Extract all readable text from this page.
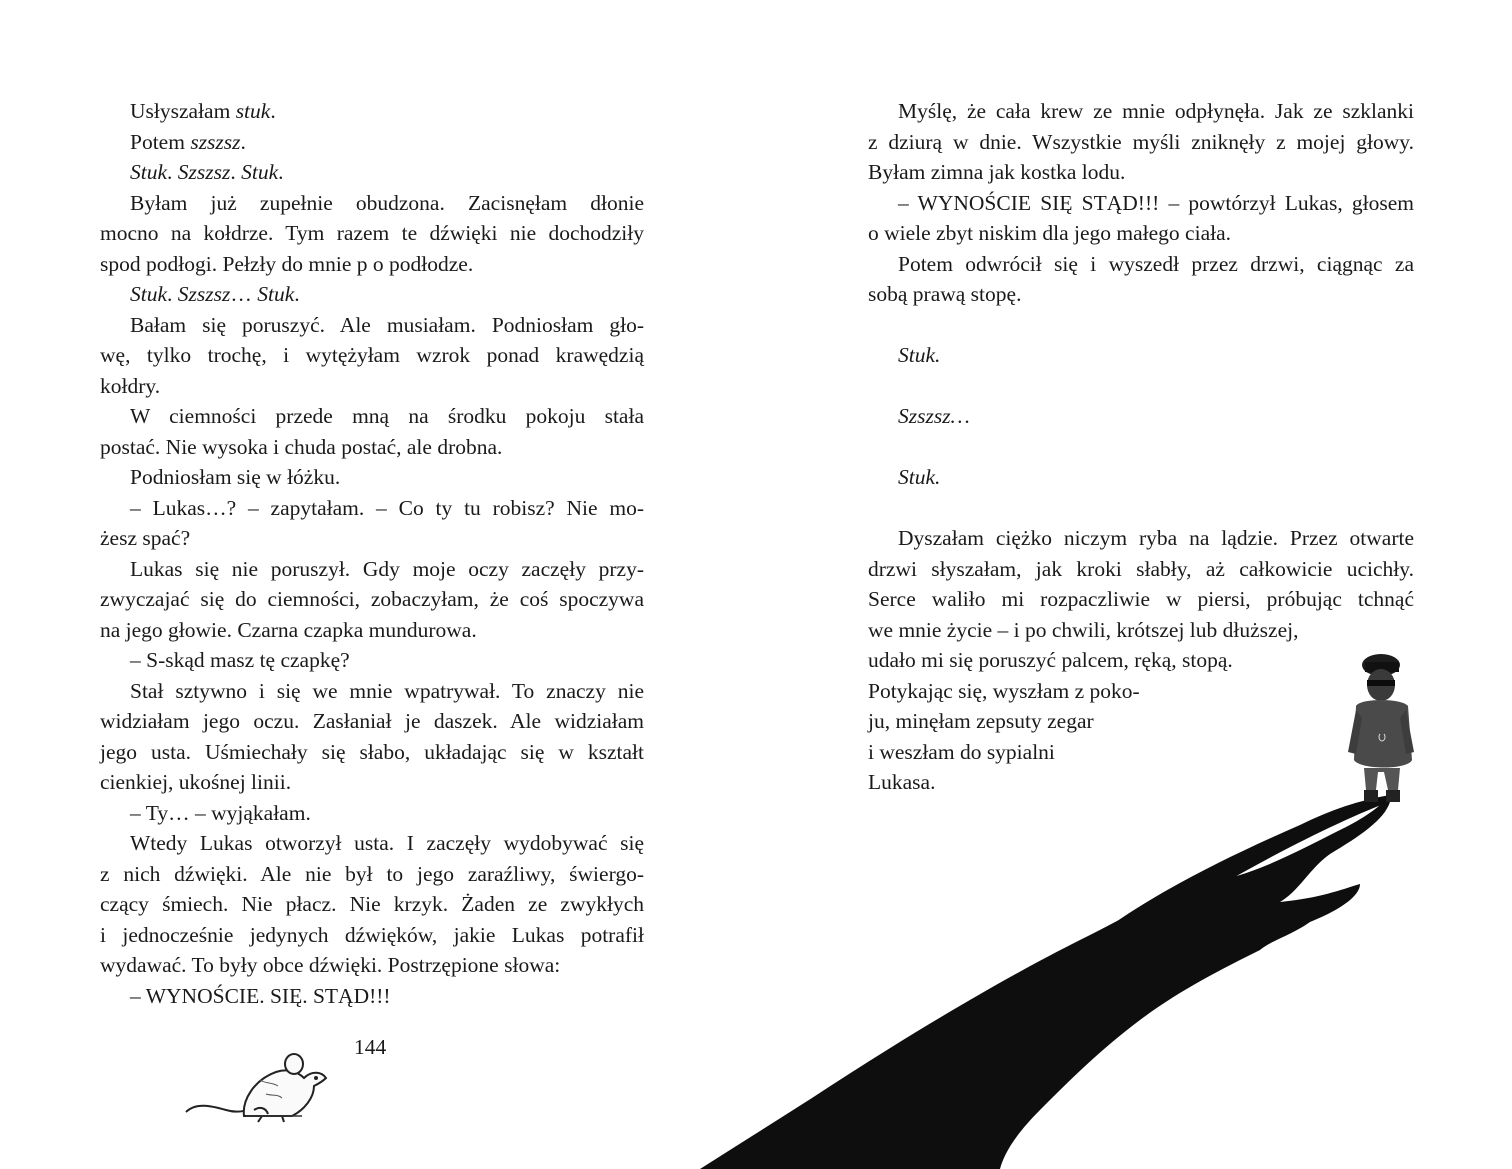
Usłyszałam stuk.
Potem szszsz.
Stuk. Szszsz. Stuk.
Byłam już zupełnie obudzona. Zacisnęłam dłonie
mocno na kołdrze. Tym razem te dźwięki nie dochodziły
spod podłogi. Pełzły do mnie p o podłodze.
Stuk. Szszsz… Stuk.
Bałam się poruszyć. Ale musiałam. Podniosłam gło-
wę, tylko trochę, i wytężyłam wzrok ponad krawędzią
kołdry.
W ciemności przede mną na środku pokoju stała
postać. Nie wysoka i chuda postać, ale drobna.
Podniosłam się w łóżku.
– Lukas…? – zapytałam. – Co ty tu robisz? Nie mo-
żesz spać?
Lukas się nie poruszył. Gdy moje oczy zaczęły przy-
zwyczajać się do ciemności, zobaczyłam, że coś spoczywa
na jego głowie. Czarna czapka mundurowa.
– S-skąd masz tę czapkę?
Stał sztywno i się we mnie wpatrywał. To znaczy nie
widziałam jego oczu. Zasłaniał je daszek. Ale widziałam
jego usta. Uśmiechały się słabo, układając się w kształt
cienkiej, ukośnej linii.
– Ty… – wyjąkałam.
Wtedy Lukas otworzył usta. I zaczęły wydobywać się
z nich dźwięki. Ale nie był to jego zaraźliwy, świergo-
czący śmiech. Nie płacz. Nie krzyk. Żaden ze zwykłych
i jednocześnie jedynych dźwięków, jakie Lukas potrafił
wydawać. To były obce dźwięki. Postrzępione słowa:
– WYNOŚCIE. SIĘ. STĄD!!!
144
Myślę, że cała krew ze mnie odpłynęła. Jak ze szklanki
z dziurą w dnie. Wszystkie myśli zniknęły z mojej głowy.
Byłam zimna jak kostka lodu.
– WYNOŚCIE SIĘ STĄD!!! – powtórzył Lukas, głosem
o wiele zbyt niskim dla jego małego ciała.
Potem odwrócił się i wyszedł przez drzwi, ciągnąc za
sobą prawą stopę.
Stuk.
Szszsz…
Stuk.
Dyszałam ciężko niczym ryba na lądzie. Przez otwarte
drzwi słyszałam, jak kroki słabły, aż całkowicie ucichły.
Serce waliło mi rozpaczliwie w piersi, próbując tchnąć
we mnie życie – i po chwili, krótszej lub dłuższej,
udało mi się poruszyć palcem, ręką, stopą.
Potykając się, wyszłam z poko-
ju, minęłam zepsuty zegar
i weszłam do sypialni
Lukasa.
